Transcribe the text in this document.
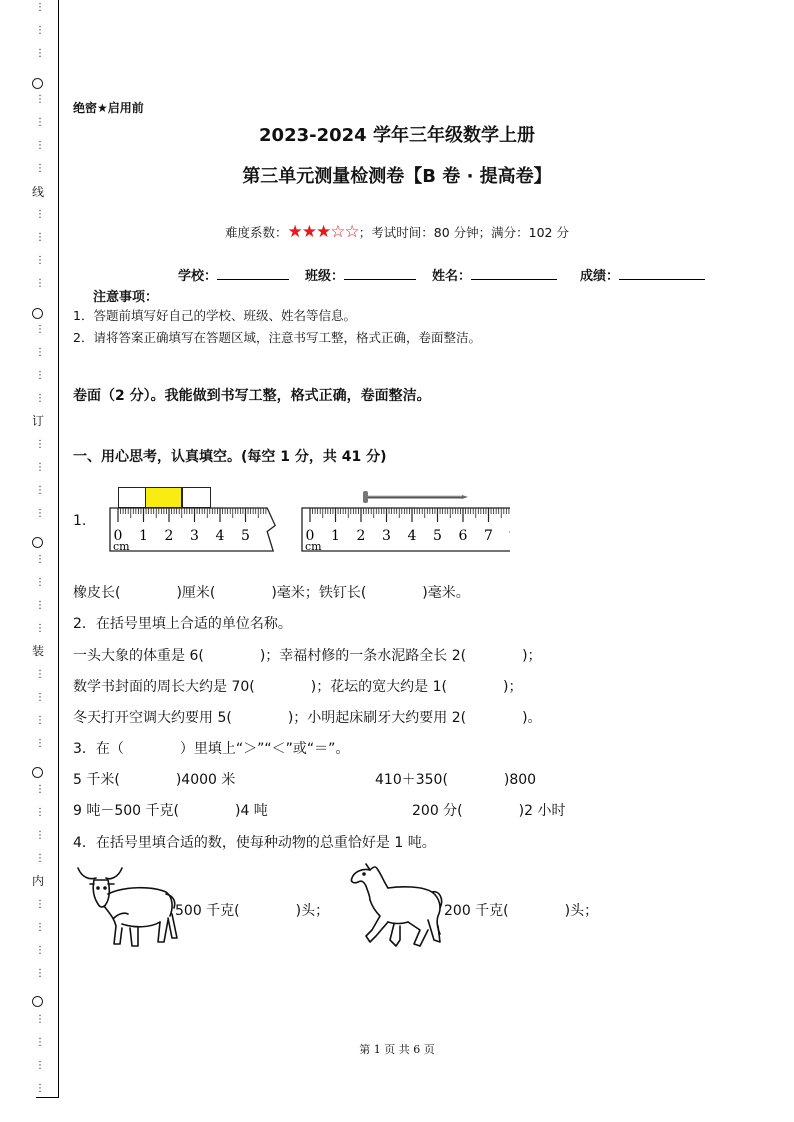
⋮
⋮
⋮
⋮
⋮
⋮
⋮
⋮
⋮
⋮
⋮
⋮
⋮
⋮
⋮
⋮
⋮
⋮
⋮
⋮
⋮
⋮
⋮
⋮
⋮
⋮
⋮
⋮
⋮
⋮
⋮
⋮
⋮
⋮
⋮
⋮
⋮
⋮
⋮
线
订
装
内
绝密★启用前
2023-2024 学年三年级数学上册
第三单元测量检测卷【B 卷 · 提高卷】
难度系数：★★★☆☆；考试时间：80 分钟；满分：102 分
学校：	班级：	姓名：	成绩：
注意事项：
1．答题前填写好自己的学校、班级、姓名等信息。
2．请将答案正确填写在答题区域，注意书写工整，格式正确，卷面整洁。
卷面（2 分）。我能做到书写工整，格式正确，卷面整洁。
一、用心思考，认真填空。(每空 1 分，共 41 分)
1.
0 1 2 3 4 5
cm
0 1 2 3 4 5 6 7
cm
橡皮长(　　　　)厘米(　　　　)毫米；铁钉长(　　　　)毫米。
2．在括号里填上合适的单位名称。
一头大象的体重是 6(　　　　)；幸福村修的一条水泥路全长 2(　　　　)；
数学书封面的周长大约是 70(　　　　)；花坛的宽大约是 1(　　　　)；
冬天打开空调大约要用 5(　　　　)；小明起床刷牙大约要用 2(　　　　)。
3．在（　　　　）里填上“＞”“＜”或“＝”。
5 千米(　　　　)4000 米	410＋350(　　　　)800
9 吨－500 千克(　　　　)4 吨	200 分(　　　　)2 小时
4．在括号里填合适的数，使每种动物的总重恰好是 1 吨。
500 千克(　　　　)头；	200 千克(　　　　)头；
第 1 页 共 6 页
